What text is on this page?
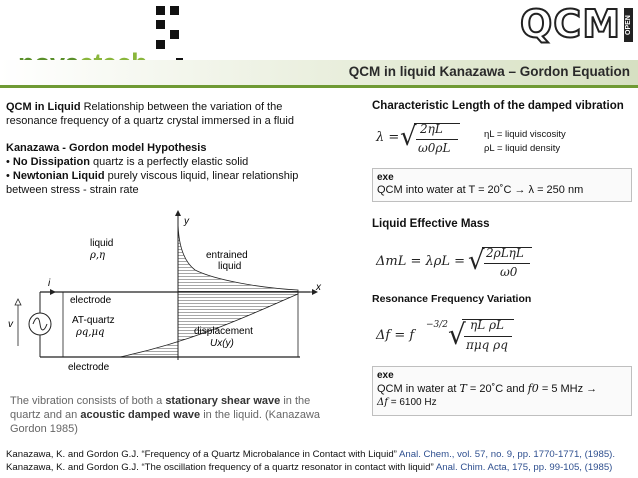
QCM OPEN
QCM in liquid Kanazawa – Gordon Equation
QCM in Liquid Relationship between the variation of the
resonance frequency of a quartz crystal immersed in a fluid
Kanazawa - Gordon model Hypothesis
• No Dissipation quartz is a perfectly elastic solid
• Newtonian Liquid purely viscous liquid, linear relationship
between stress - strain rate
y
x
liquid
ρ,η	entrained
liquid
i
electrode
v	AT-quartz
ρq,μq	displacement
Ux(y)
electrode
The vibration consists of both a stationary shear wave in the
quartz and an acoustic damped wave in the liquid. (Kanazawa
Gordon 1985)
Characteristic Length of the damped vibration
λ = √ 2ηL
ω0ρL
ηL = liquid viscosity
ρL = liquid density
exe
QCM into water at T = 20˚C → λ = 250 nm
Liquid Effective Mass
ΔmL = λρL = √ 2ρLηL
ω0
Resonance Frequency Variation
Δf = f
−3/2 √ ηL ρL
πμq ρq
exe
QCM in water at T = 20˚C and f0 = 5 MHz →
Δf = 6100 Hz
Kanazawa, K. and Gordon G.J. “Frequency of a Quartz Microbalance in Contact with Liquid” Anal. Chem., vol. 57, no. 9, pp. 1770-1771, (1985).
Kanazawa, K. and Gordon G.J. “The oscillation frequency of a quartz resonator in contact with liquid” Anal. Chim. Acta, 175, pp. 99-105, (1985)
